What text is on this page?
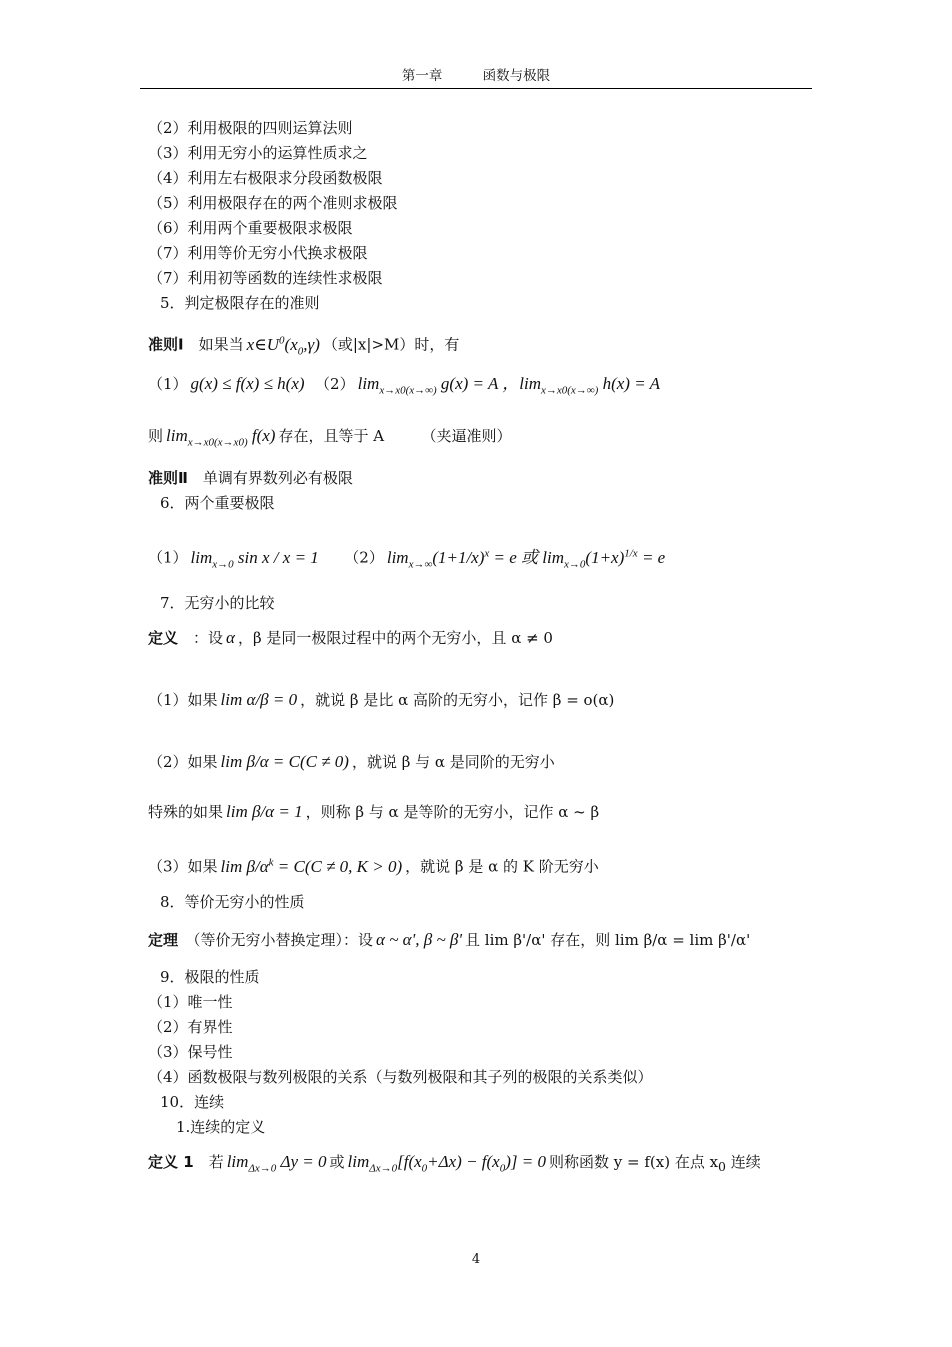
第一章	函数与极限
（2）利用极限的四则运算法则
（3）利用无穷小的运算性质求之
（4）利用左右极限求分段函数极限
（5）利用极限存在的两个准则求极限
（6）利用两个重要极限求极限
（7）利用等价无穷小代换求极限
（7）利用初等函数的连续性求极限
5．判定极限存在的准则
准则Ⅰ　 如果当 $x\in U^0(x_0,\gamma)$ （或|x|>M）时，有
（1） g(x) ≤ f(x) ≤ h(x)　（2） $\lim_{x\to x0(x\to\infty)} g(x) = A$ ，$\lim_{x\to x0(x\to\infty)} h(x) = A$
则 $\lim_{x\to x0(x\to x0)} f(x)$ 存在，且等于 A　　　（夹逼准则）
准则Ⅱ　 单调有界数列必有极限
6．两个重要极限
（1） $\lim_{x\to 0} \sin x / x = 1$　　（2） $\lim_{x\to\infty}(1+1/x)^x = e$ 或 $\lim_{x\to 0}(1+x)^{1/x} = e$
7．无穷小的比较
定义　 ：设 α ，β 是同一极限过程中的两个无穷小，且 α ≠ 0
（1）如果 lim α/β = 0 ，就说 β 是比 α 高阶的无穷小，记作 β = o(α)
（2）如果 lim β/α = C(C ≠ 0) ，就说 β 与 α 是同阶的无穷小
特殊的如果 lim β/α = 1 ，则称 β 与 α 是等阶的无穷小，记作 α ~ β
（3）如果 $\lim \beta/\alpha^k = C(C \ne 0$, K > 0) ，就说 β 是 α 的 K 阶无穷小
8．等价无穷小的性质
定理　 （等价无穷小替换定理）：设 α ~ α', β ~ β' 且 lim β'/α' 存在，则 lim β/α = lim β'/α'
9．极限的性质
（1）唯一性
（2）有界性
（3）保号性
（4）函数极限与数列极限的关系（与数列极限和其子列的极限的关系类似）
10．连续
1.连续的定义
定义 1　 若 $\lim_{\Delta x\to 0} \Delta y = 0$ 或 $\lim_{\Delta x\to 0}[f(x_0+\Delta x) - f(x_0)] = 0$ 则称函数 y = f(x) 在点 $x_0$ 连续
4
